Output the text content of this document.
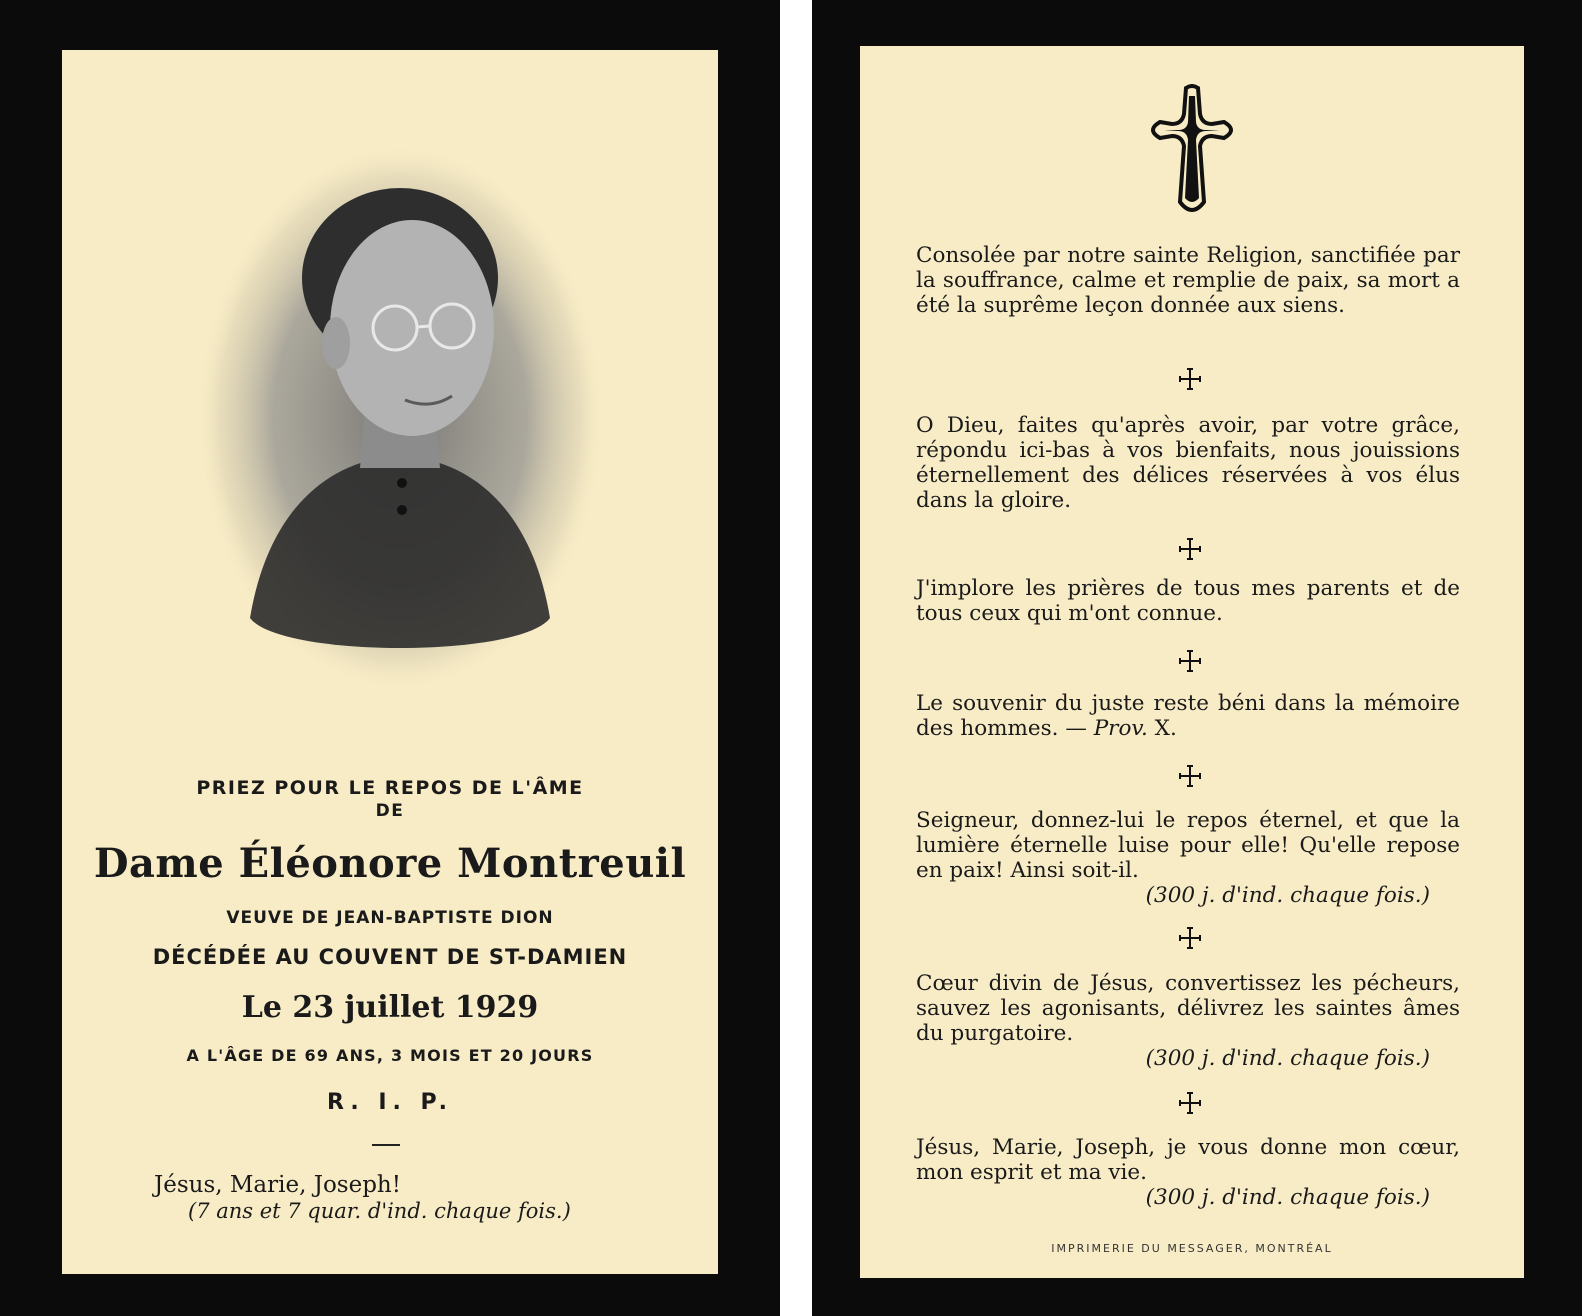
PRIEZ POUR LE REPOS DE L'ÂME
DE
Dame Éléonore Montreuil
VEUVE DE JEAN-BAPTISTE DION
DÉCÉDÉE AU COUVENT DE ST-DAMIEN
Le 23 juillet 1929
A L'ÂGE DE 69 ANS, 3 MOIS ET 20 JOURS
R. I. P.
Jésus, Marie, Joseph!
(7 ans et 7 quar. d'ind. chaque fois.)
Consolée par notre sainte Religion, sanctifiée par la souffrance, calme et remplie de paix, sa mort a été la suprême leçon donnée aux siens.
O Dieu, faites qu'après avoir, par votre grâce, répondu ici-bas à vos bienfaits, nous jouissions éternellement des délices réservées à vos élus dans la gloire.
J'implore les prières de tous mes parents et de tous ceux qui m'ont connue.
Le souvenir du juste reste béni dans la mémoire des hommes. — Prov. X.
Seigneur, donnez-lui le repos éternel, et que la lumière éternelle luise pour elle! Qu'elle repose en paix! Ainsi soit-il.
(300 j. d'ind. chaque fois.)
Cœur divin de Jésus, convertissez les pécheurs, sauvez les agonisants, délivrez les saintes âmes du purgatoire.
(300 j. d'ind. chaque fois.)
Jésus, Marie, Joseph, je vous donne mon cœur, mon esprit et ma vie.
(300 j. d'ind. chaque fois.)
IMPRIMERIE DU MESSAGER, MONTRÉAL
